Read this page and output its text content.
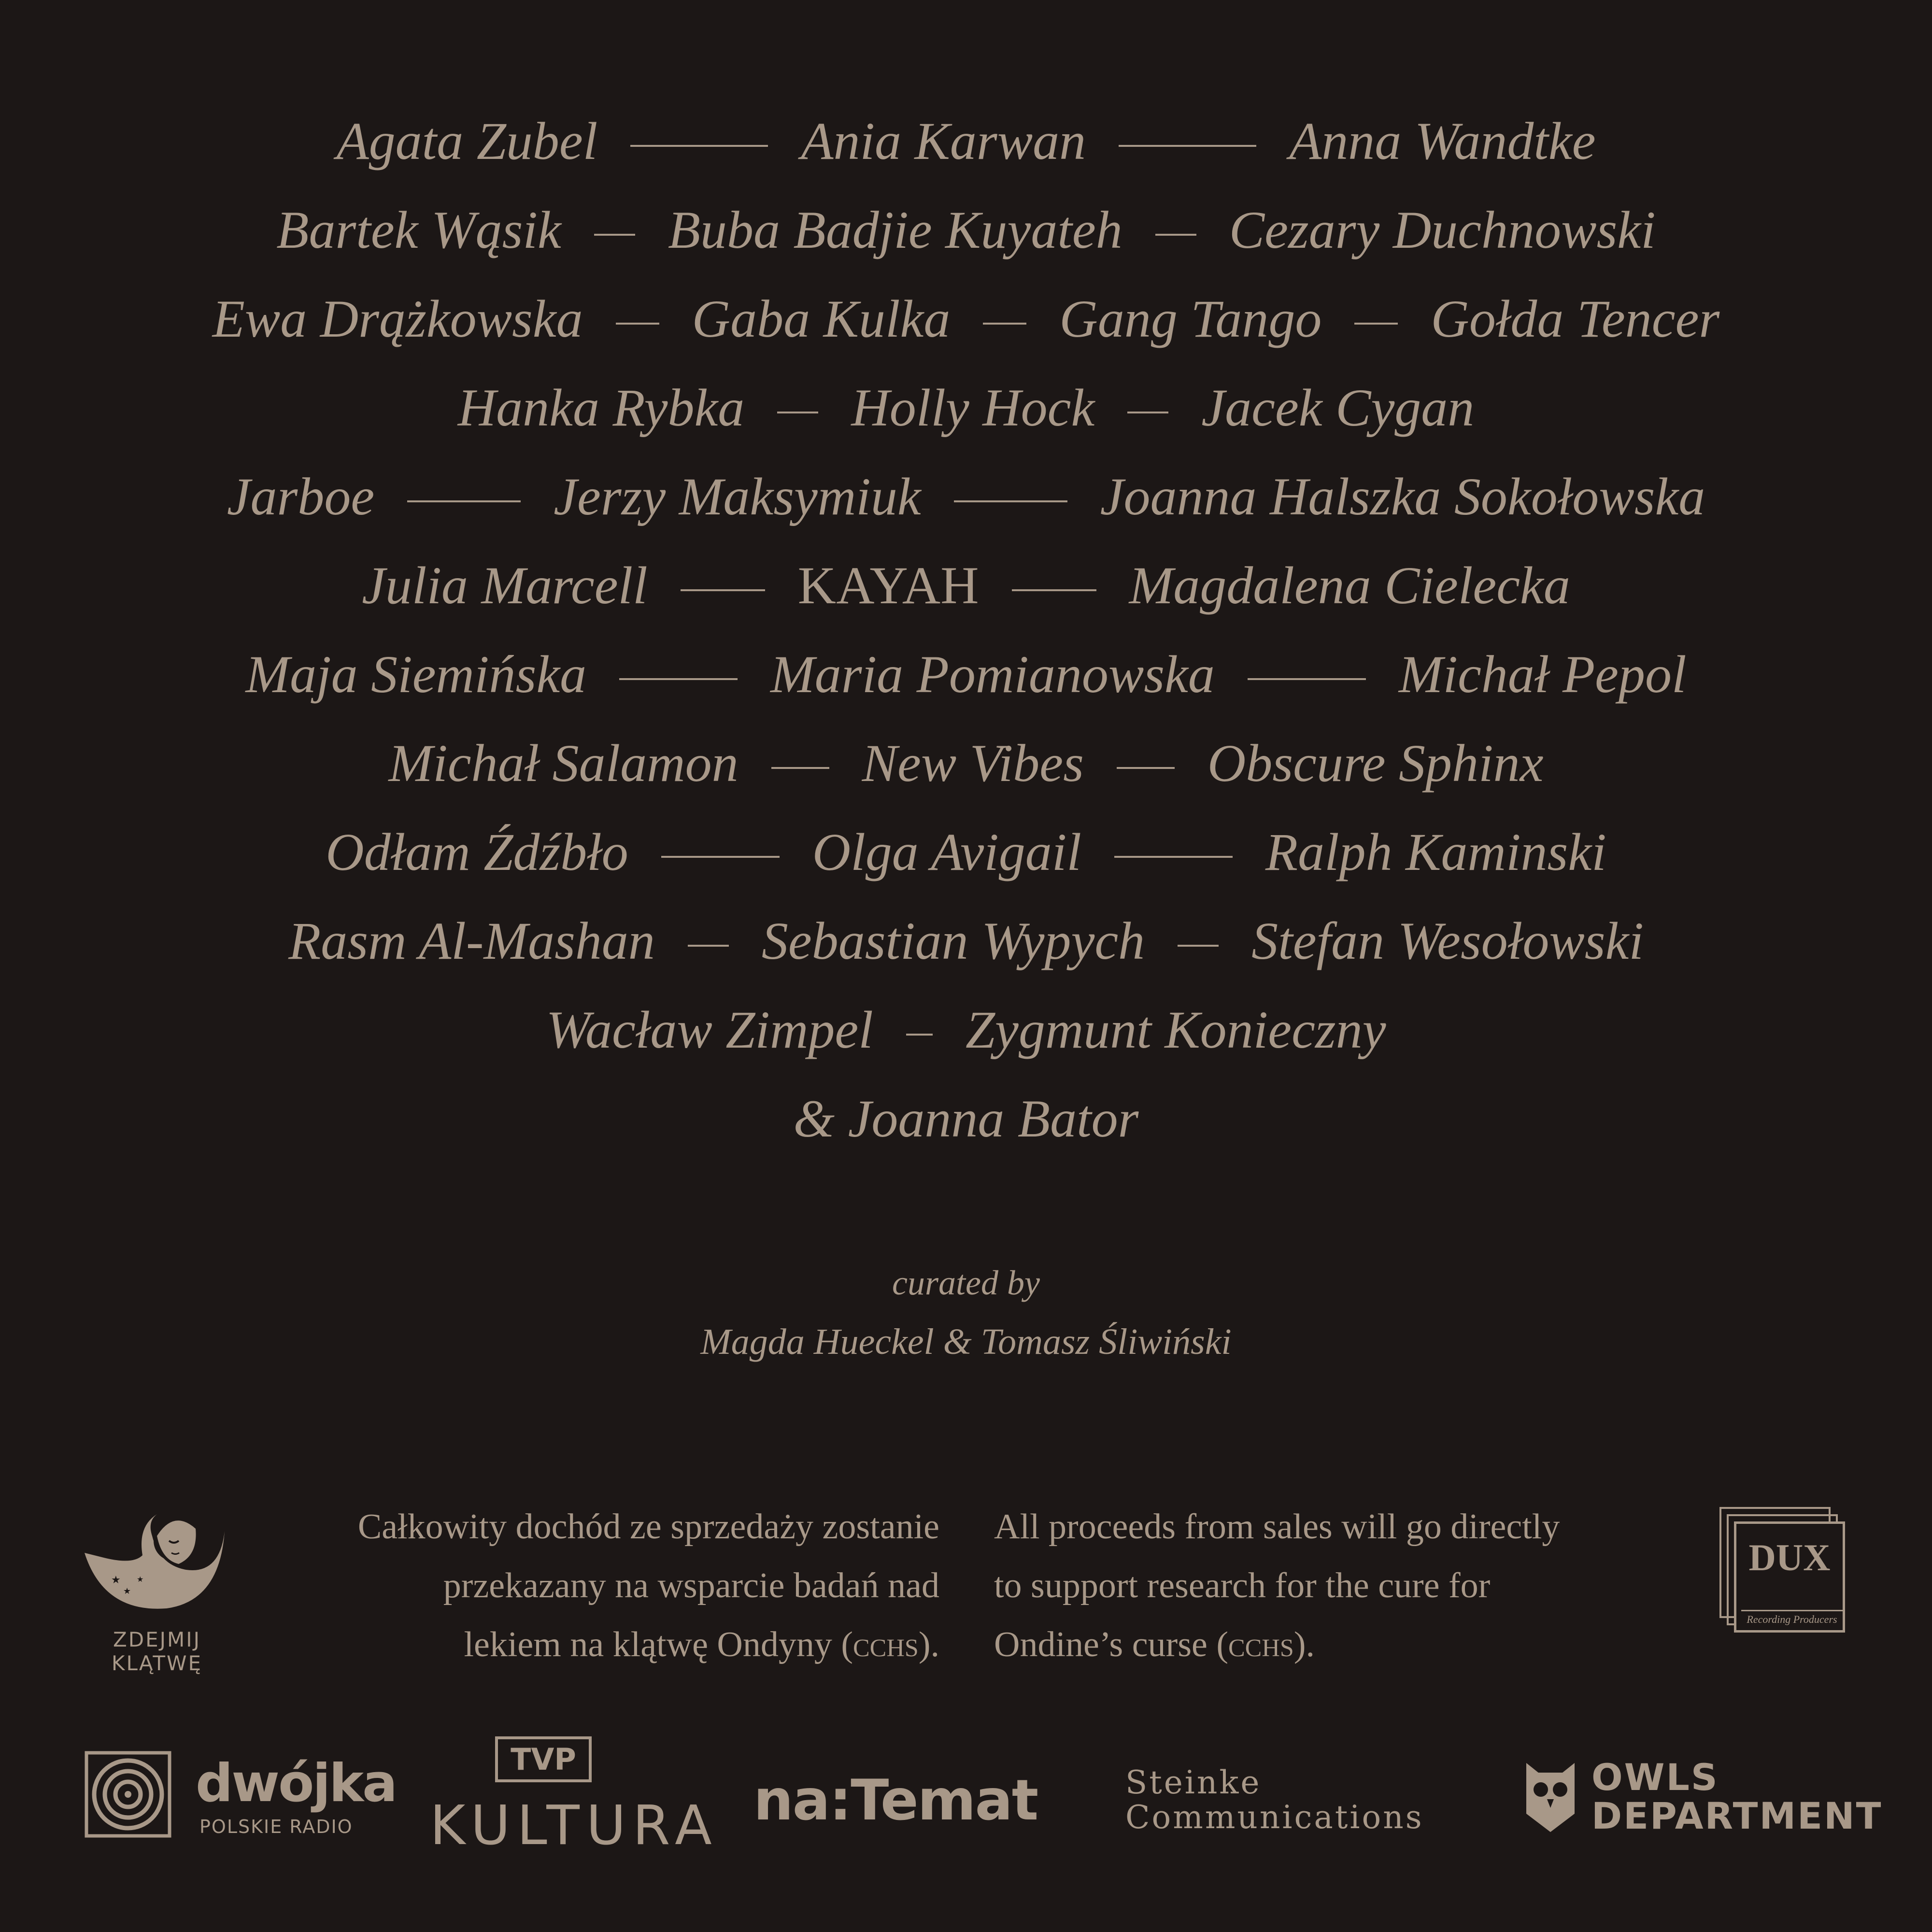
Agata Zubel	Ania Karwan	Anna Wandtke
Bartek Wąsik Buba Badjie Kuyateh Cezary Duchnowski
Ewa Drążkowska Gaba Kulka Gang Tango Gołda Tencer
Hanka Rybka Holly Hock Jacek Cygan
Jarboe	Jerzy Maksymiuk	Joanna Halszka Sokołowska
Julia Marcell	KAYAH	Magdalena Cielecka
Maja Siemińska	Maria Pomianowska	Michał Pepol
Michał Salamon New Vibes Obscure Sphinx
Odłam Źdźbło	Olga Avigail	Ralph Kaminski
Rasm Al-Mashan Sebastian Wypych Stefan Wesołowski
Wacław Zimpel Zygmunt Konieczny
& Joanna Bator
curated by
Magda Hueckel & Tomasz Śliwiński
Całkowity dochód ze sprzedaży zostanie
przekazany na wsparcie badań nad
lekiem na klątwę Ondyny (cchs).
All proceeds from sales will go directly
to support research for the cure for
Ondine’s curse (cchs).
★
★
★
ZDEJMIJ KLĄTWĘ
DUX
Recording Producers
dwójka
POLSKIE RADIO
TVP
KULTURA na:Temat	Steinke
Communications
OWLS
DEPARTMENT
